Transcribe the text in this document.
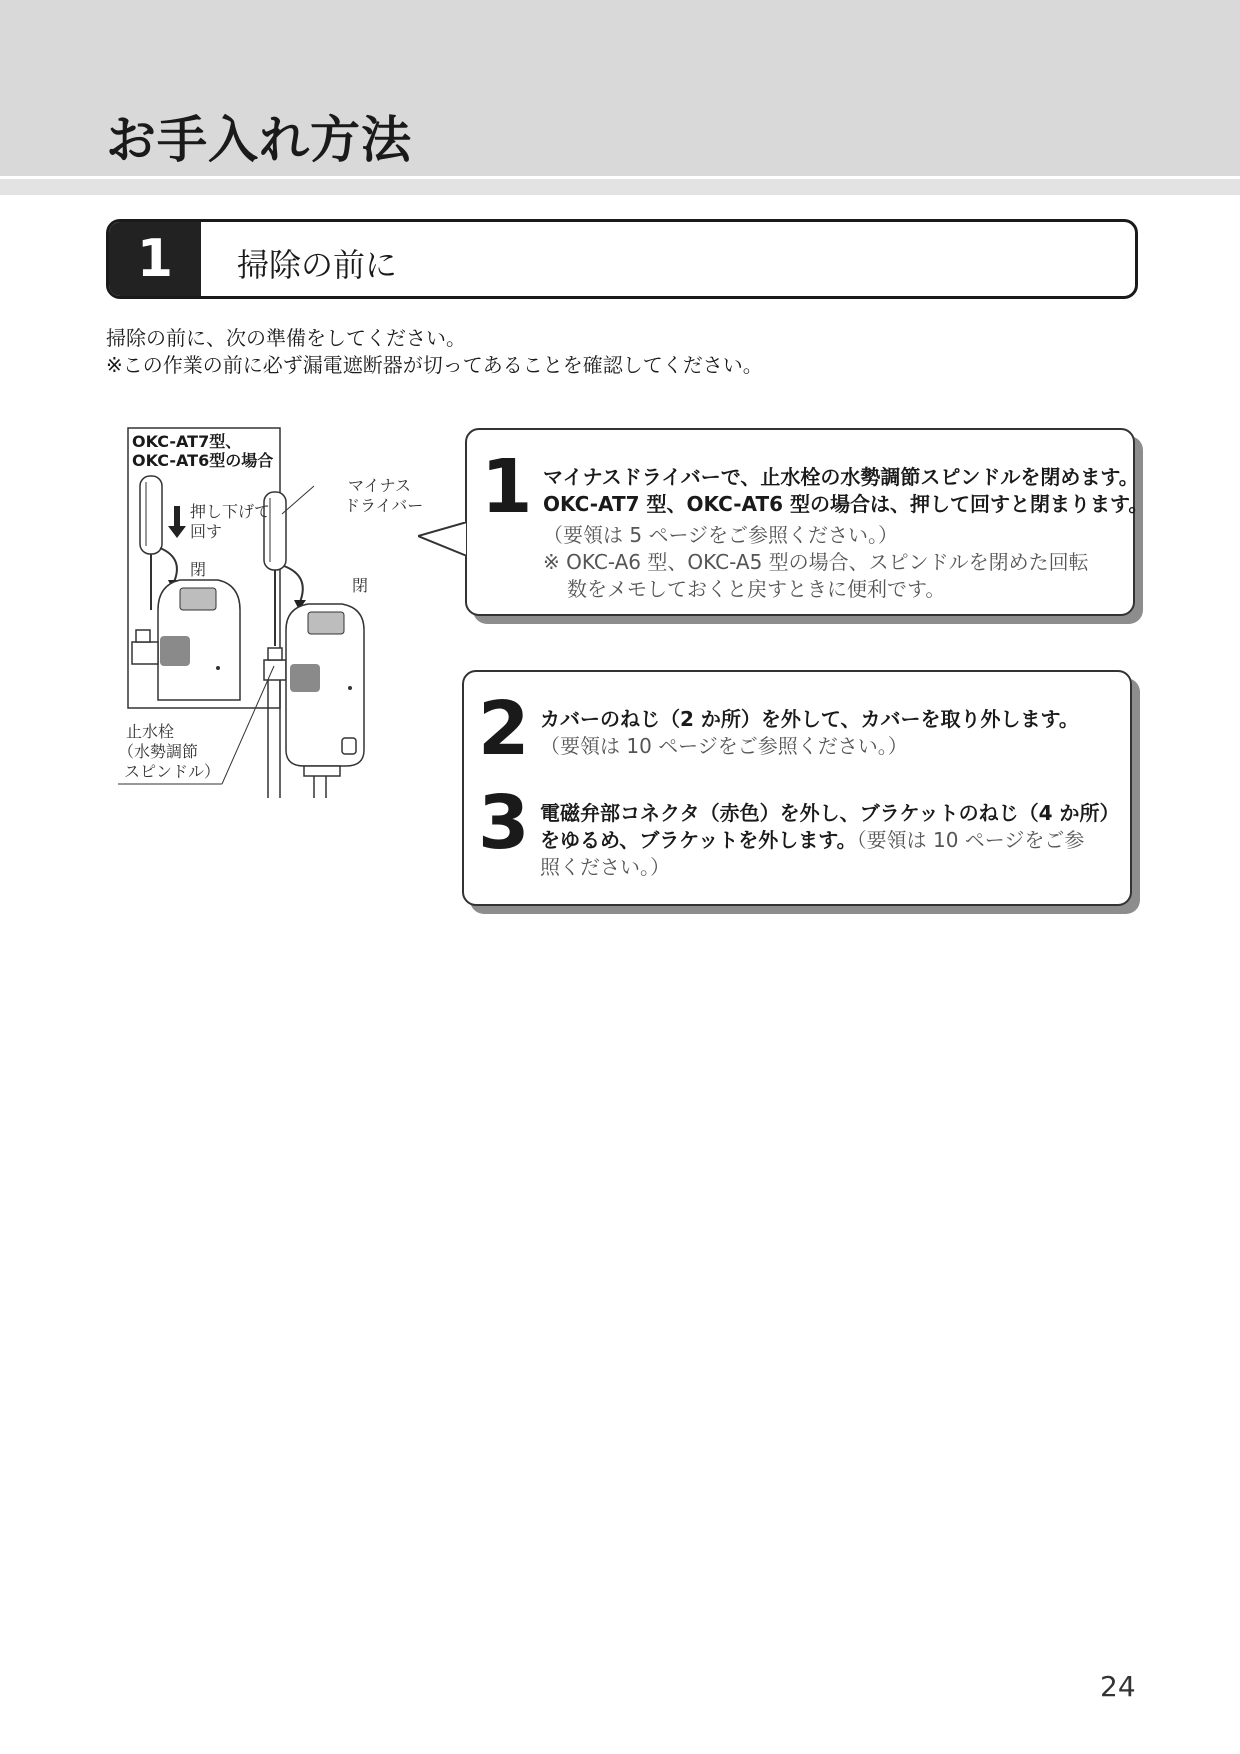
お手入れ方法
1	掃除の前に
掃除の前に、次の準備をしてください。
※この作業の前に必ず漏電遮断器が切ってあることを確認してください。
OKC-AT7型、
OKC-AT6型の場合
押し下げて
回す
閉
閉
マイナス
ドライバー
止水栓
（水勢調節
スピンドル）
1 マイナスドライバーで、止水栓の水勢調節スピンドルを閉めます。
OKC-AT7 型、OKC-AT6 型の場合は、押して回すと閉まります。
（要領は 5 ページをご参照ください。）
※ OKC-A6 型、OKC-A5 型の場合、スピンドルを閉めた回転
数をメモしておくと戻すときに便利です。
2 カバーのねじ（2 か所）を外して、カバーを取り外します。
（要領は 10 ページをご参照ください。）
3 電磁弁部コネクタ（赤色）を外し、ブラケットのねじ（4 か所）
をゆるめ、ブラケットを外します。（要領は 10 ページをご参
照ください。）
24
